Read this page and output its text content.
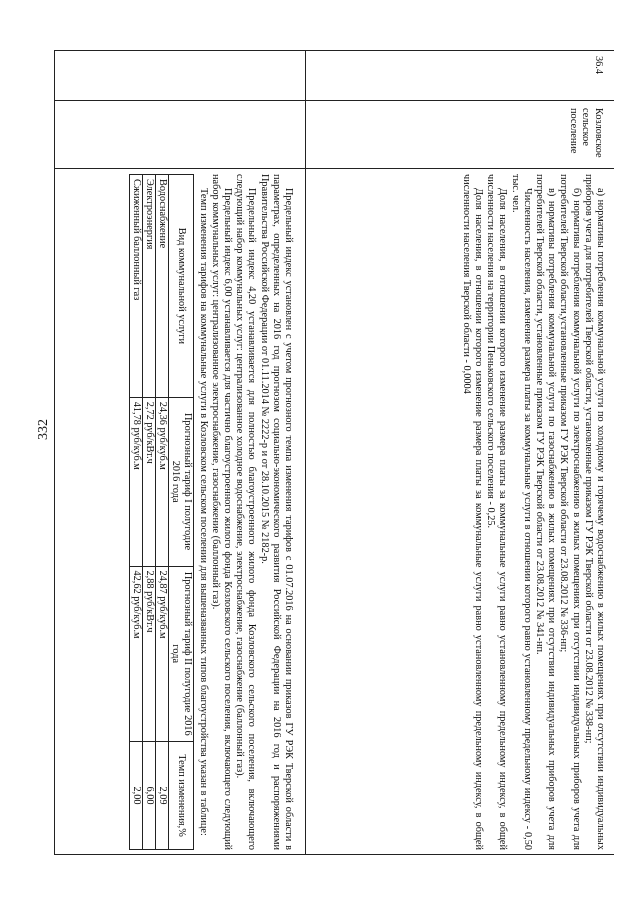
332	а) нормативы потребления коммунальной услуги по холодному и горячему водоснабжению в жилых помещениях при отсутствии индивидуальных приборов учета для потребителей Тверской области, установленные приказом ГУ РЭК Тверской области от 23.08.2012 № 338-нп;

б) нормативы потребления коммунальной услуги по электроснабжению в жилых помещениях при отсутствии индивидуальных приборов учета для потребителей Тверской области,установленные приказом ГУ РЭК Тверской области от 23.08.2012 № 336-нп;

в) нормативы потребления коммунальной услуги по газоснабжению в жилых помещениях при отсутствии индивидуальных приборов учета для потребителей Тверской области, установленные приказом ГУ РЭК Тверской области от 23.08.2012 № 341-нп.

Численность населения, изменение размера платы за коммунальные услуги в отношении которого равно установленному предельному индексу - 0,50 тыс. чел.

Доля населения, в отношении которого изменение размера платы за коммунальные услуги равно установленному предельному индексу, в общей численности населения на территории Пеньковского сельского поселения - 0,25.

Доля населения, в отношении которого изменение размера платы за коммунальные услуги равно установленному предельному индексу, в общей численности населения Тверской области - 0,0004

36.4
Козловское сельское поселение

Предельный индекс установлен с учетом прогнозного темпа изменения тарифов с 01.07.2016 на основании приказов ГУ РЭК Тверской области в параметрах, определенных на 2016 год прогнозом социально-экономического развития Российской Федерации на 2016 год и распоряжениями Правительства Российской Федерации от 01.11.2014 № 2222-р и от 28.10.2015 № 2182-р.

Предельный индекс 4,20 устанавливается для полностью благоустроенного жилого фонда Козловского сельского поселения, включающего следующий набор коммунальных услуг: централизованное холодное водоснабжение, электроснабжение, газоснабжение (баллонный газ).

Предельный индекс 6,00 устанавливается для частично благоустроенного жилого фонда Козловского сельского поселения, включающего следующий набор коммунальных услуг: централизованное электроснабжение, газоснабжение (баллонный газ).

Темп изменения тарифов на коммунальные услуги в Козловском сельском поселении для вышеназванных типов благоустройства указан в таблице:

Вид коммунальной услуги	Прогнозный тариф I полугодие 2016 года	Прогнозный тариф II полугодие 2016 года	Темп изменения,%
Водоснабжение	24,36 руб/куб.м	24,87 руб/куб.м	2,09
Электроэнергия	2,72 руб/кВт.ч	2,88 руб/кВт.ч	6,00
Сжиженный баллонный газ	41,78 руб/куб.м	42,62 руб/куб.м	2,00
